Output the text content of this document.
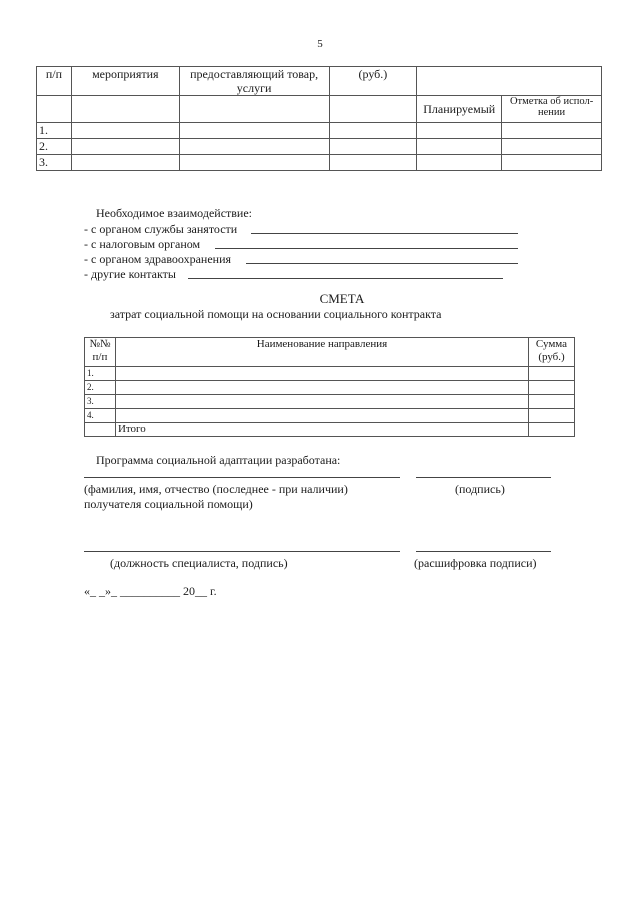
5
п/п	мероприятия	предоставляющий товар, услуги	(руб.)		
				Планируемый	Отметка об испол-нении
1.					
2.					
3.					
Необходимое взаимодействие:
- с органом службы занятости
- с налоговым органом
- с органом здравоохранения
- другие контакты
СМЕТА
затрат социальной помощи на основании социального контракта
№№ п/п	Наименование направления	Сумма (руб.)
1.		
2.		
3.		
4.		
	Итого	
Программа социальной адаптации разработана:
(фамилия, имя, отчество (последнее - при наличии)	(подпись)
получателя социальной помощи)
(должность специалиста, подпись)	(расшифровка подписи)
«_ _»_ __________ 20__ г.
